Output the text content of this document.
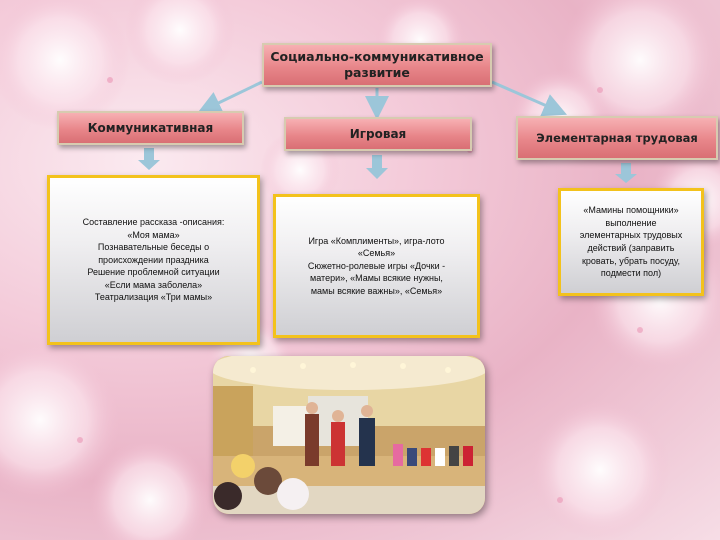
Социально-коммуникативное развитие
Коммуникативная	Игровая	Элементарная трудовая
Составление рассказа -описания:
«Моя мама»
Познавательные беседы о
происхождении праздника
Решение проблемной ситуации
«Если мама заболела»
Театрализация «Три мамы»
Игра «Комплименты», игра-лото
«Семья»
Сюжетно-ролевые игры «Дочки -
матери», «Мамы всякие нужны,
мамы всякие важны», «Семья»
«Мамины помощники»
выполнение
элементарных трудовых
действий (заправить
кровать, убрать посуду,
подмести пол)
